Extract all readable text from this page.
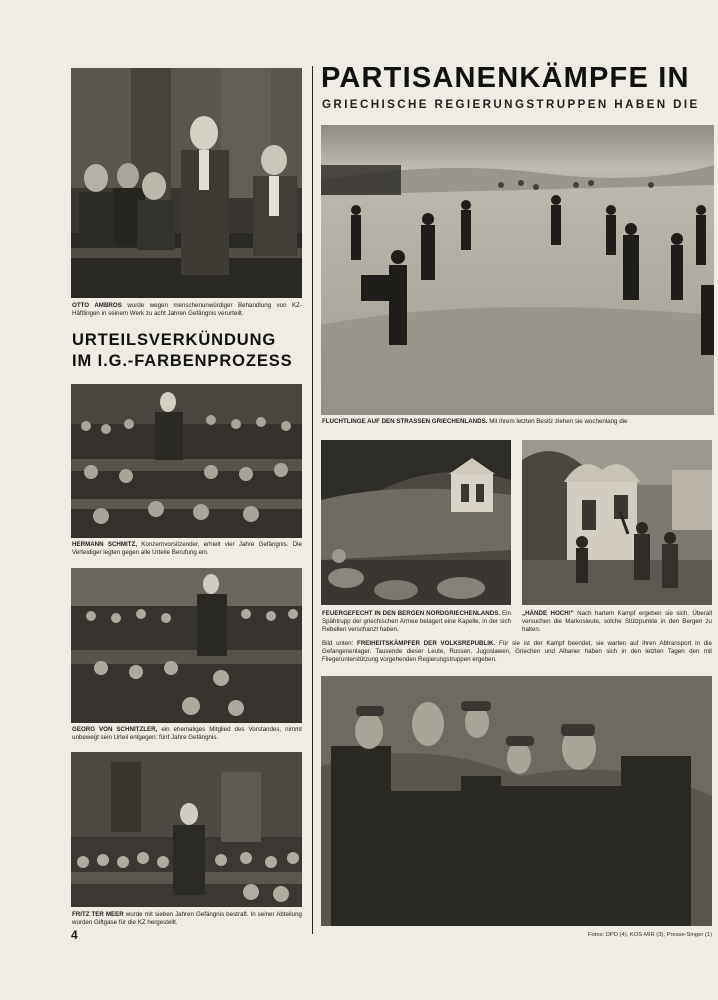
OTTO AMBROS wurde wegen menschenunwürdiger Behandlung von KZ-Häftlingen in seinem Werk zu acht Jahren Gefängnis verurteilt.
URTEILSVERKÜNDUNG
IM I.G.-FARBENPROZESS
HERMANN SCHMITZ, Konzernvorsitzender, erhielt vier Jahre Gefängnis. Die Verteidiger legten gegen alle Urteile Berufung ein.
GEORG VON SCHNITZLER, ein ehemaliges Mitglied des Vorstandes, nimmt unbewegt sein Urteil entgegen: fünf Jahre Gefängnis.
FRITZ TER MEER wurde mit sieben Jahren Gefängnis bestraft. In seiner Abteilung wurden Giftgase für die KZ hergestellt.
PARTISANENKÄMPFE IN
GRIECHISCHE REGIERUNGSTRUPPEN HABEN DIE
FLÜCHTLINGE AUF DEN STRASSEN GRIECHENLANDS. Mit ihrem letzten Besitz ziehen sie wochenlang die
FEUERGEFECHT IN DEN BERGEN NORDGRIECHENLANDS. Ein Spähtrupp der griechischen Armee belagert eine Kapelle, in der sich Rebellen verschanzt haben.
„HÄNDE HOCH!" Nach hartem Kampf ergeben sie sich. Überall versuchen die Markosleute, solche Stützpunkte in den Bergen zu halten.
Bild unten: FREIHEITSKÄMPFER DER VOLKSREPUBLIK. Für sie ist der Kampf beendet, sie warten auf ihren Abtransport in die Gefangenenlager. Tausende dieser Leute, Russen, Jugoslawen, Griechen und Albaner haben sich in den letzten Tagen den mit Fliegerunterstützung vorgehenden Regierungstruppen ergeben.
4	Fotos: DPD (4), KOS-MIR (3), Presse-Singer (1)
